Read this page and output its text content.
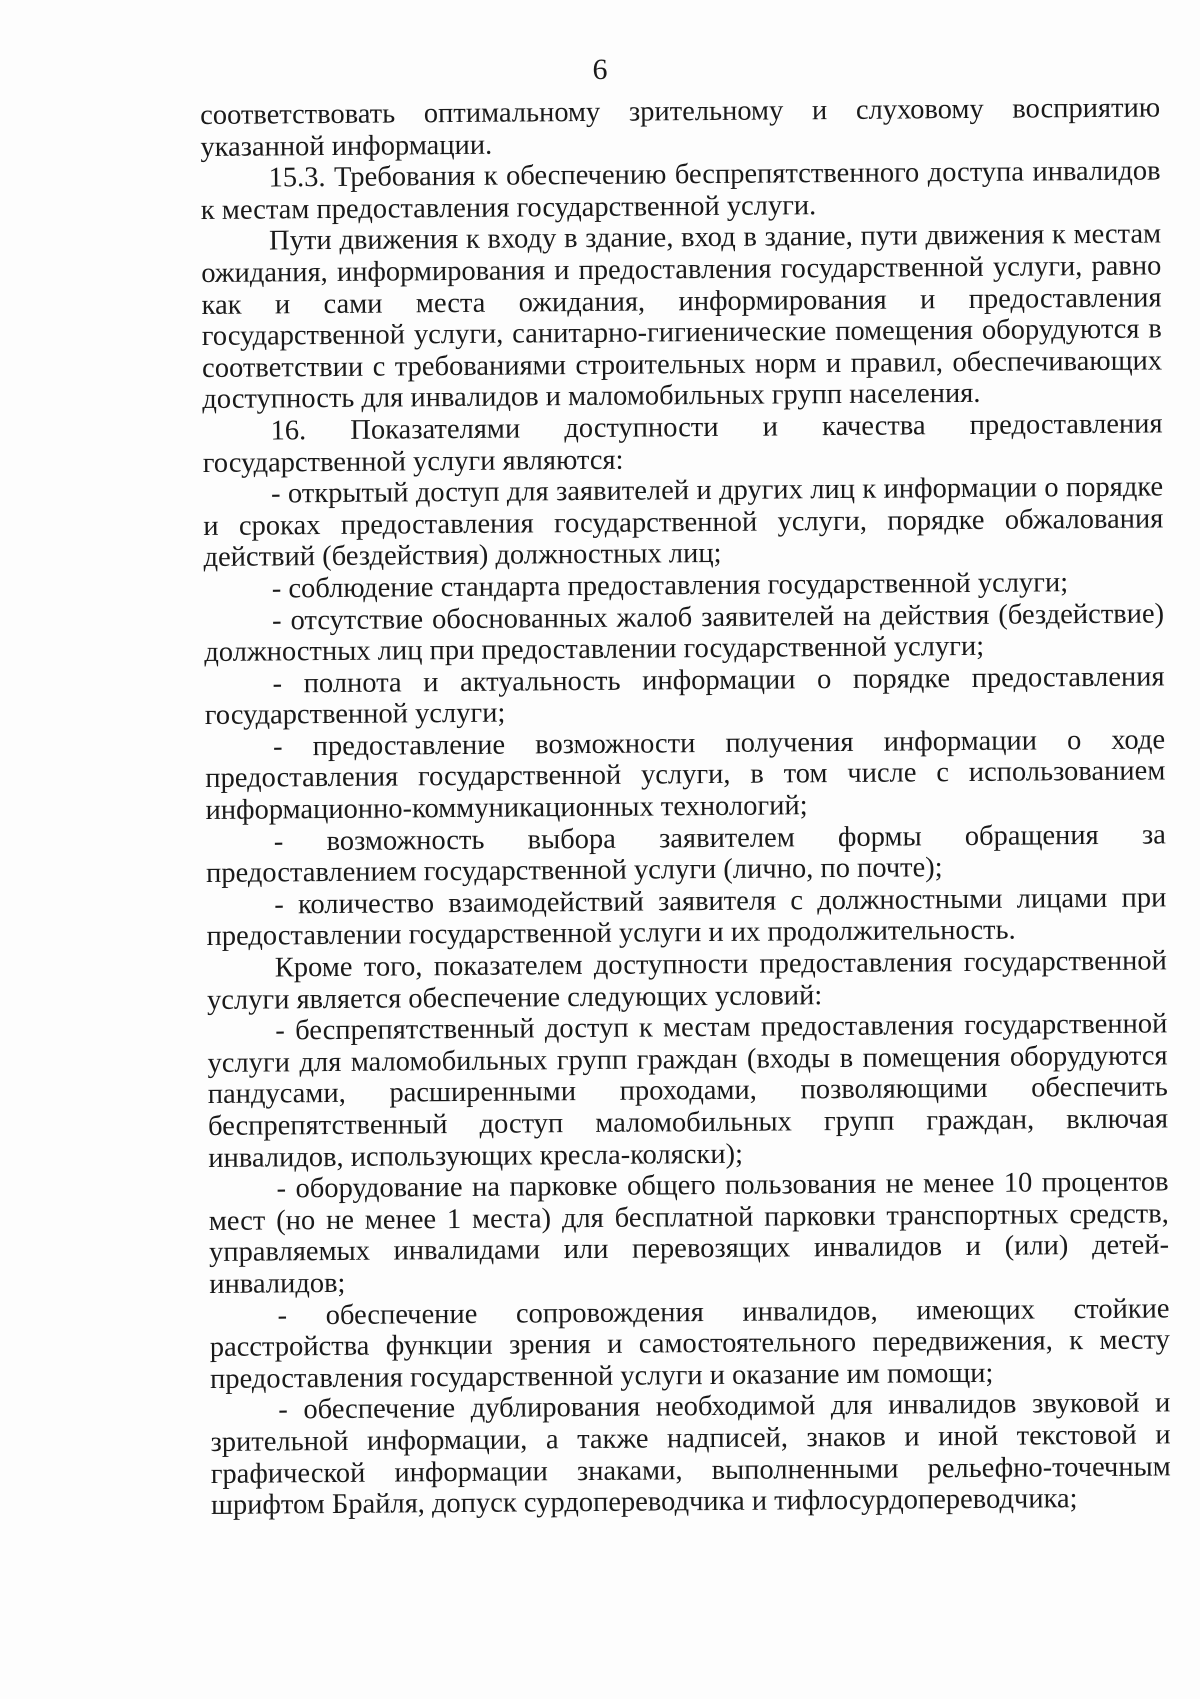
6

соответствовать оптимальному зрительному и слуховому восприятию указанной информации.

15.3. Требования к обеспечению беспрепятственного доступа инвалидов к местам предоставления государственной услуги.

Пути движения к входу в здание, вход в здание, пути движения к местам ожидания, информирования и предоставления государственной услуги, равно как и сами места ожидания, информирования и предоставления государственной услуги, санитарно-гигиенические помещения оборудуются в соответствии с требованиями строительных норм и правил, обеспечивающих доступность для инвалидов и маломобильных групп населения.

16. Показателями доступности и качества предоставления государственной услуги являются:

- открытый доступ для заявителей и других лиц к информации о порядке и сроках предоставления государственной услуги, порядке обжалования действий (бездействия) должностных лиц;

- соблюдение стандарта предоставления государственной услуги;

- отсутствие обоснованных жалоб заявителей на действия (бездействие) должностных лиц при предоставлении государственной услуги;

- полнота и актуальность информации о порядке предоставления государственной услуги;

- предоставление возможности получения информации о ходе предоставления государственной услуги, в том числе с использованием информационно-коммуникационных технологий;

- возможность выбора заявителем формы обращения за предоставлением государственной услуги (лично, по почте);

- количество взаимодействий заявителя с должностными лицами при предоставлении государственной услуги и их продолжительность.

Кроме того, показателем доступности предоставления государственной услуги является обеспечение следующих условий:

- беспрепятственный доступ к местам предоставления государственной услуги для маломобильных групп граждан (входы в помещения оборудуются пандусами, расширенными проходами, позволяющими обеспечить беспрепятственный доступ маломобильных групп граждан, включая инвалидов, использующих кресла-коляски);

- оборудование на парковке общего пользования не менее 10 процентов мест (но не менее 1 места) для бесплатной парковки транспортных средств, управляемых инвалидами или перевозящих инвалидов и (или) детей-инвалидов;

- обеспечение сопровождения инвалидов, имеющих стойкие расстройства функции зрения и самостоятельного передвижения, к месту предоставления государственной услуги и оказание им помощи;

- обеспечение дублирования необходимой для инвалидов звуковой и зрительной информации, а также надписей, знаков и иной текстовой и графической информации знаками, выполненными рельефно-точечным шрифтом Брайля, допуск сурдопереводчика и тифлосурдопереводчика;
